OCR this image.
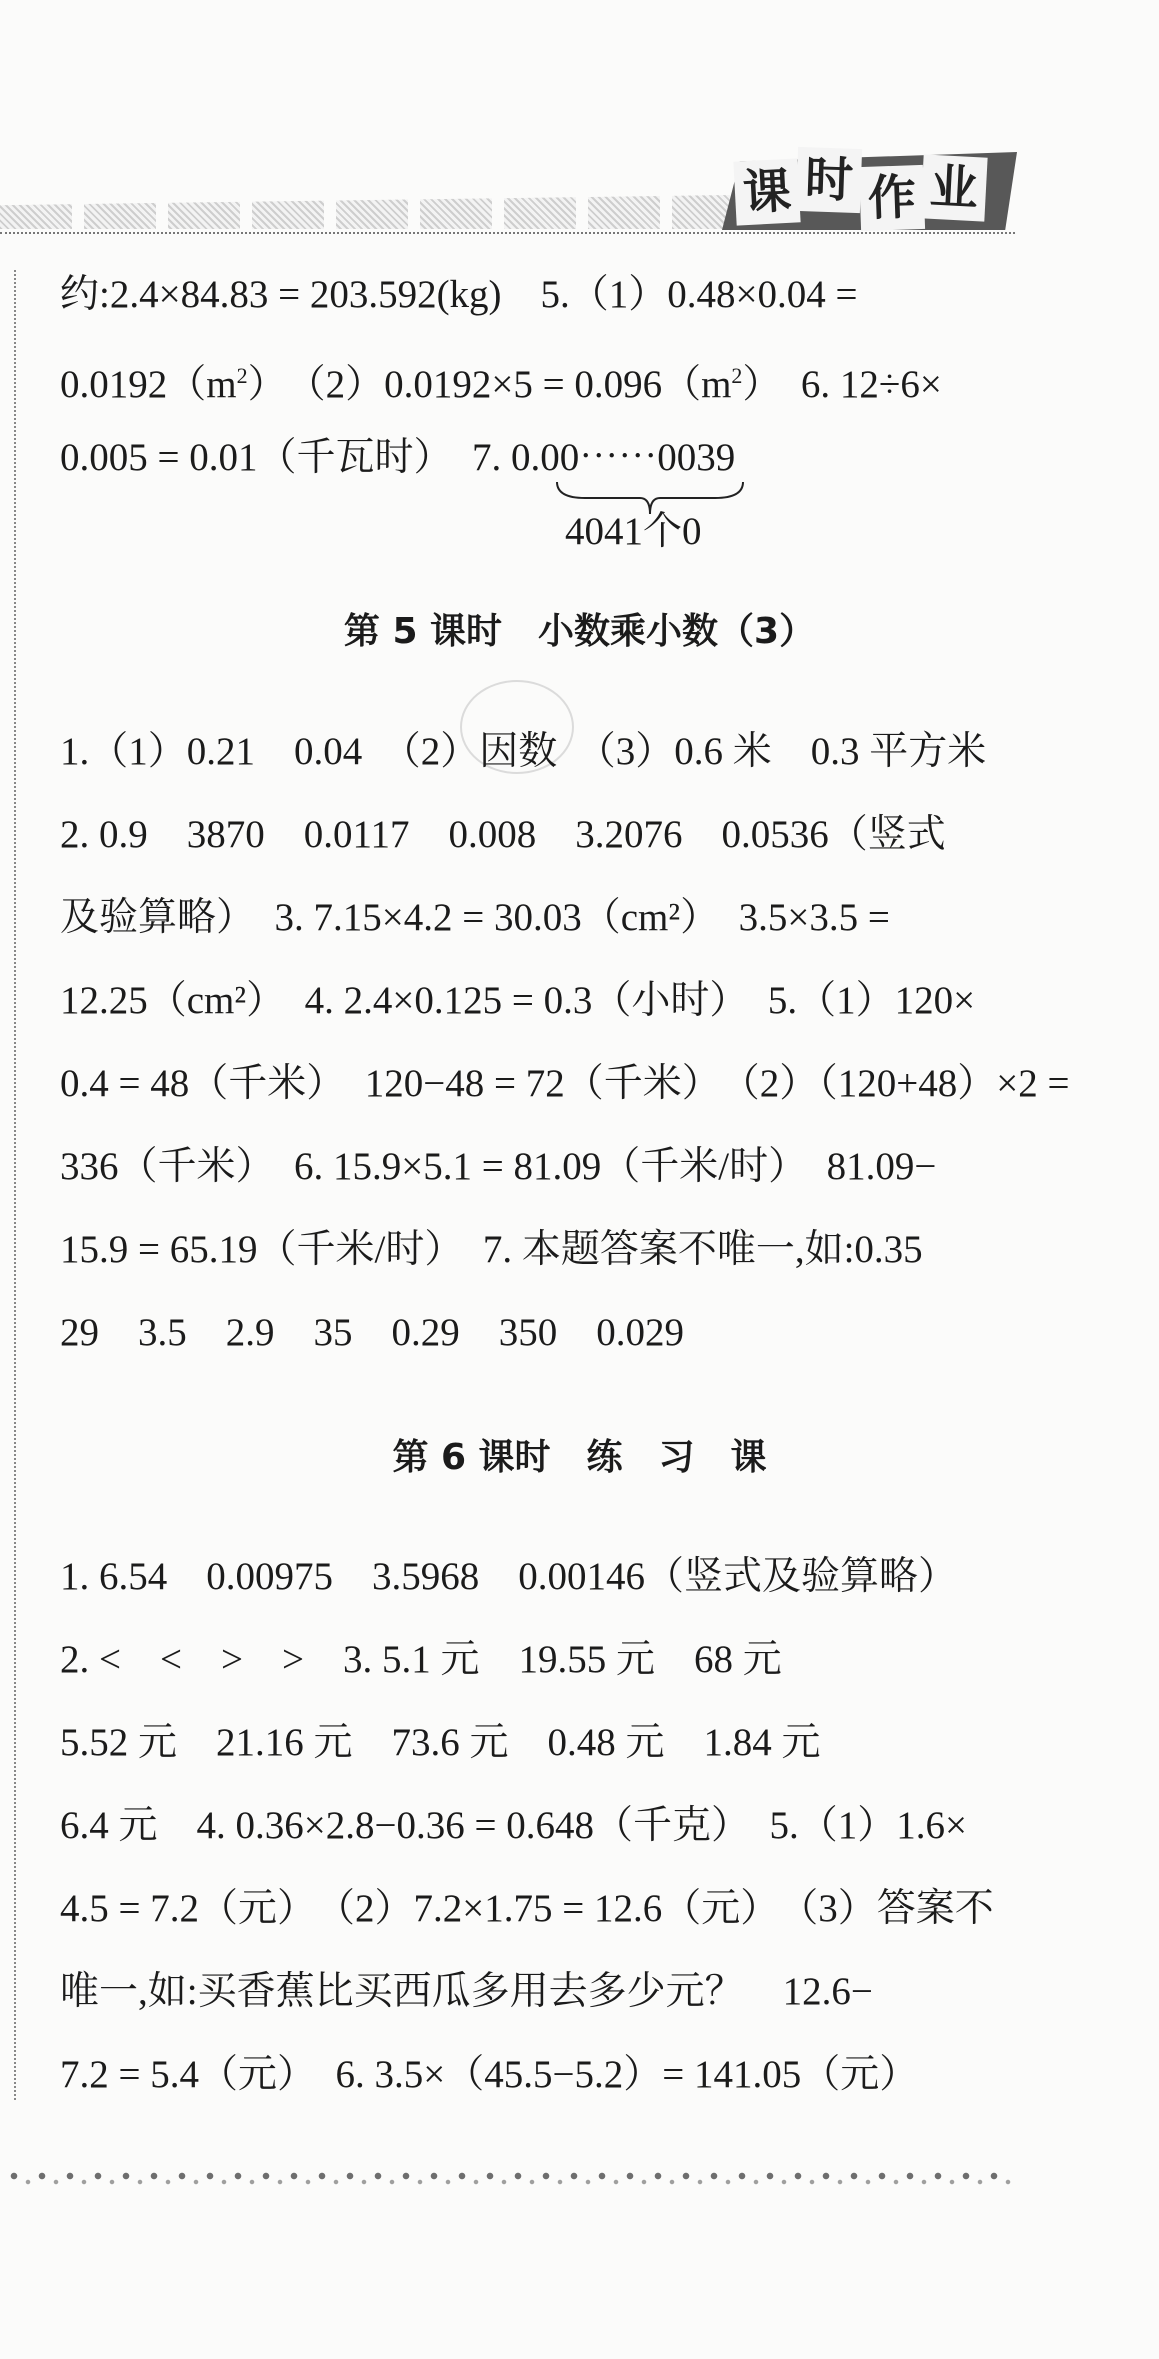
课 时 作 业
约:2.4×84.83 = 203.592(kg)　5.（1）0.48×0.04 =
$0.0192(m^2)$　$(2)0.0192\times 5 = 0.096(m^2)$　6. 12÷6×
0.005 = 0.01（千瓦时）　7. 0.00⋯⋯0039
4041个0
第 5 课时　小数乘小数（3）
1.（1）0.21　0.04　（2）因数　（3）0.6 米　0.3 平方米
2. 0.9　3870　0.0117　0.008　3.2076　0.0536（竖式
及验算略）　3. 7.15×4.2 = 30.03（cm²）　3.5×3.5 =
12.25（cm²）　4. 2.4×0.125 = 0.3（小时）　5.（1）120×
0.4 = 48（千米）　120−48 = 72（千米）　（2）（120+48）×2 =
336（千米）　6. 15.9×5.1 = 81.09（千米/时）　81.09−
15.9 = 65.19（千米/时）　7. 本题答案不唯一,如:0.35
29　3.5　2.9　35　0.29　350　0.029
第 6 课时　练　习　课
1. 6.54　0.00975　3.5968　0.00146（竖式及验算略）
2. <　<　>　>　3. 5.1 元　19.55 元　68 元
5.52 元　21.16 元　73.6 元　0.48 元　1.84 元
6.4 元　4. 0.36×2.8−0.36 = 0.648（千克）　5.（1）1.6×
4.5 = 7.2（元）　（2）7.2×1.75 = 12.6（元）　（3）答案不
唯一,如:买香蕉比买西瓜多用去多少元？　12.6−
7.2 = 5.4（元）　6. 3.5×（45.5−5.2）= 141.05（元）
